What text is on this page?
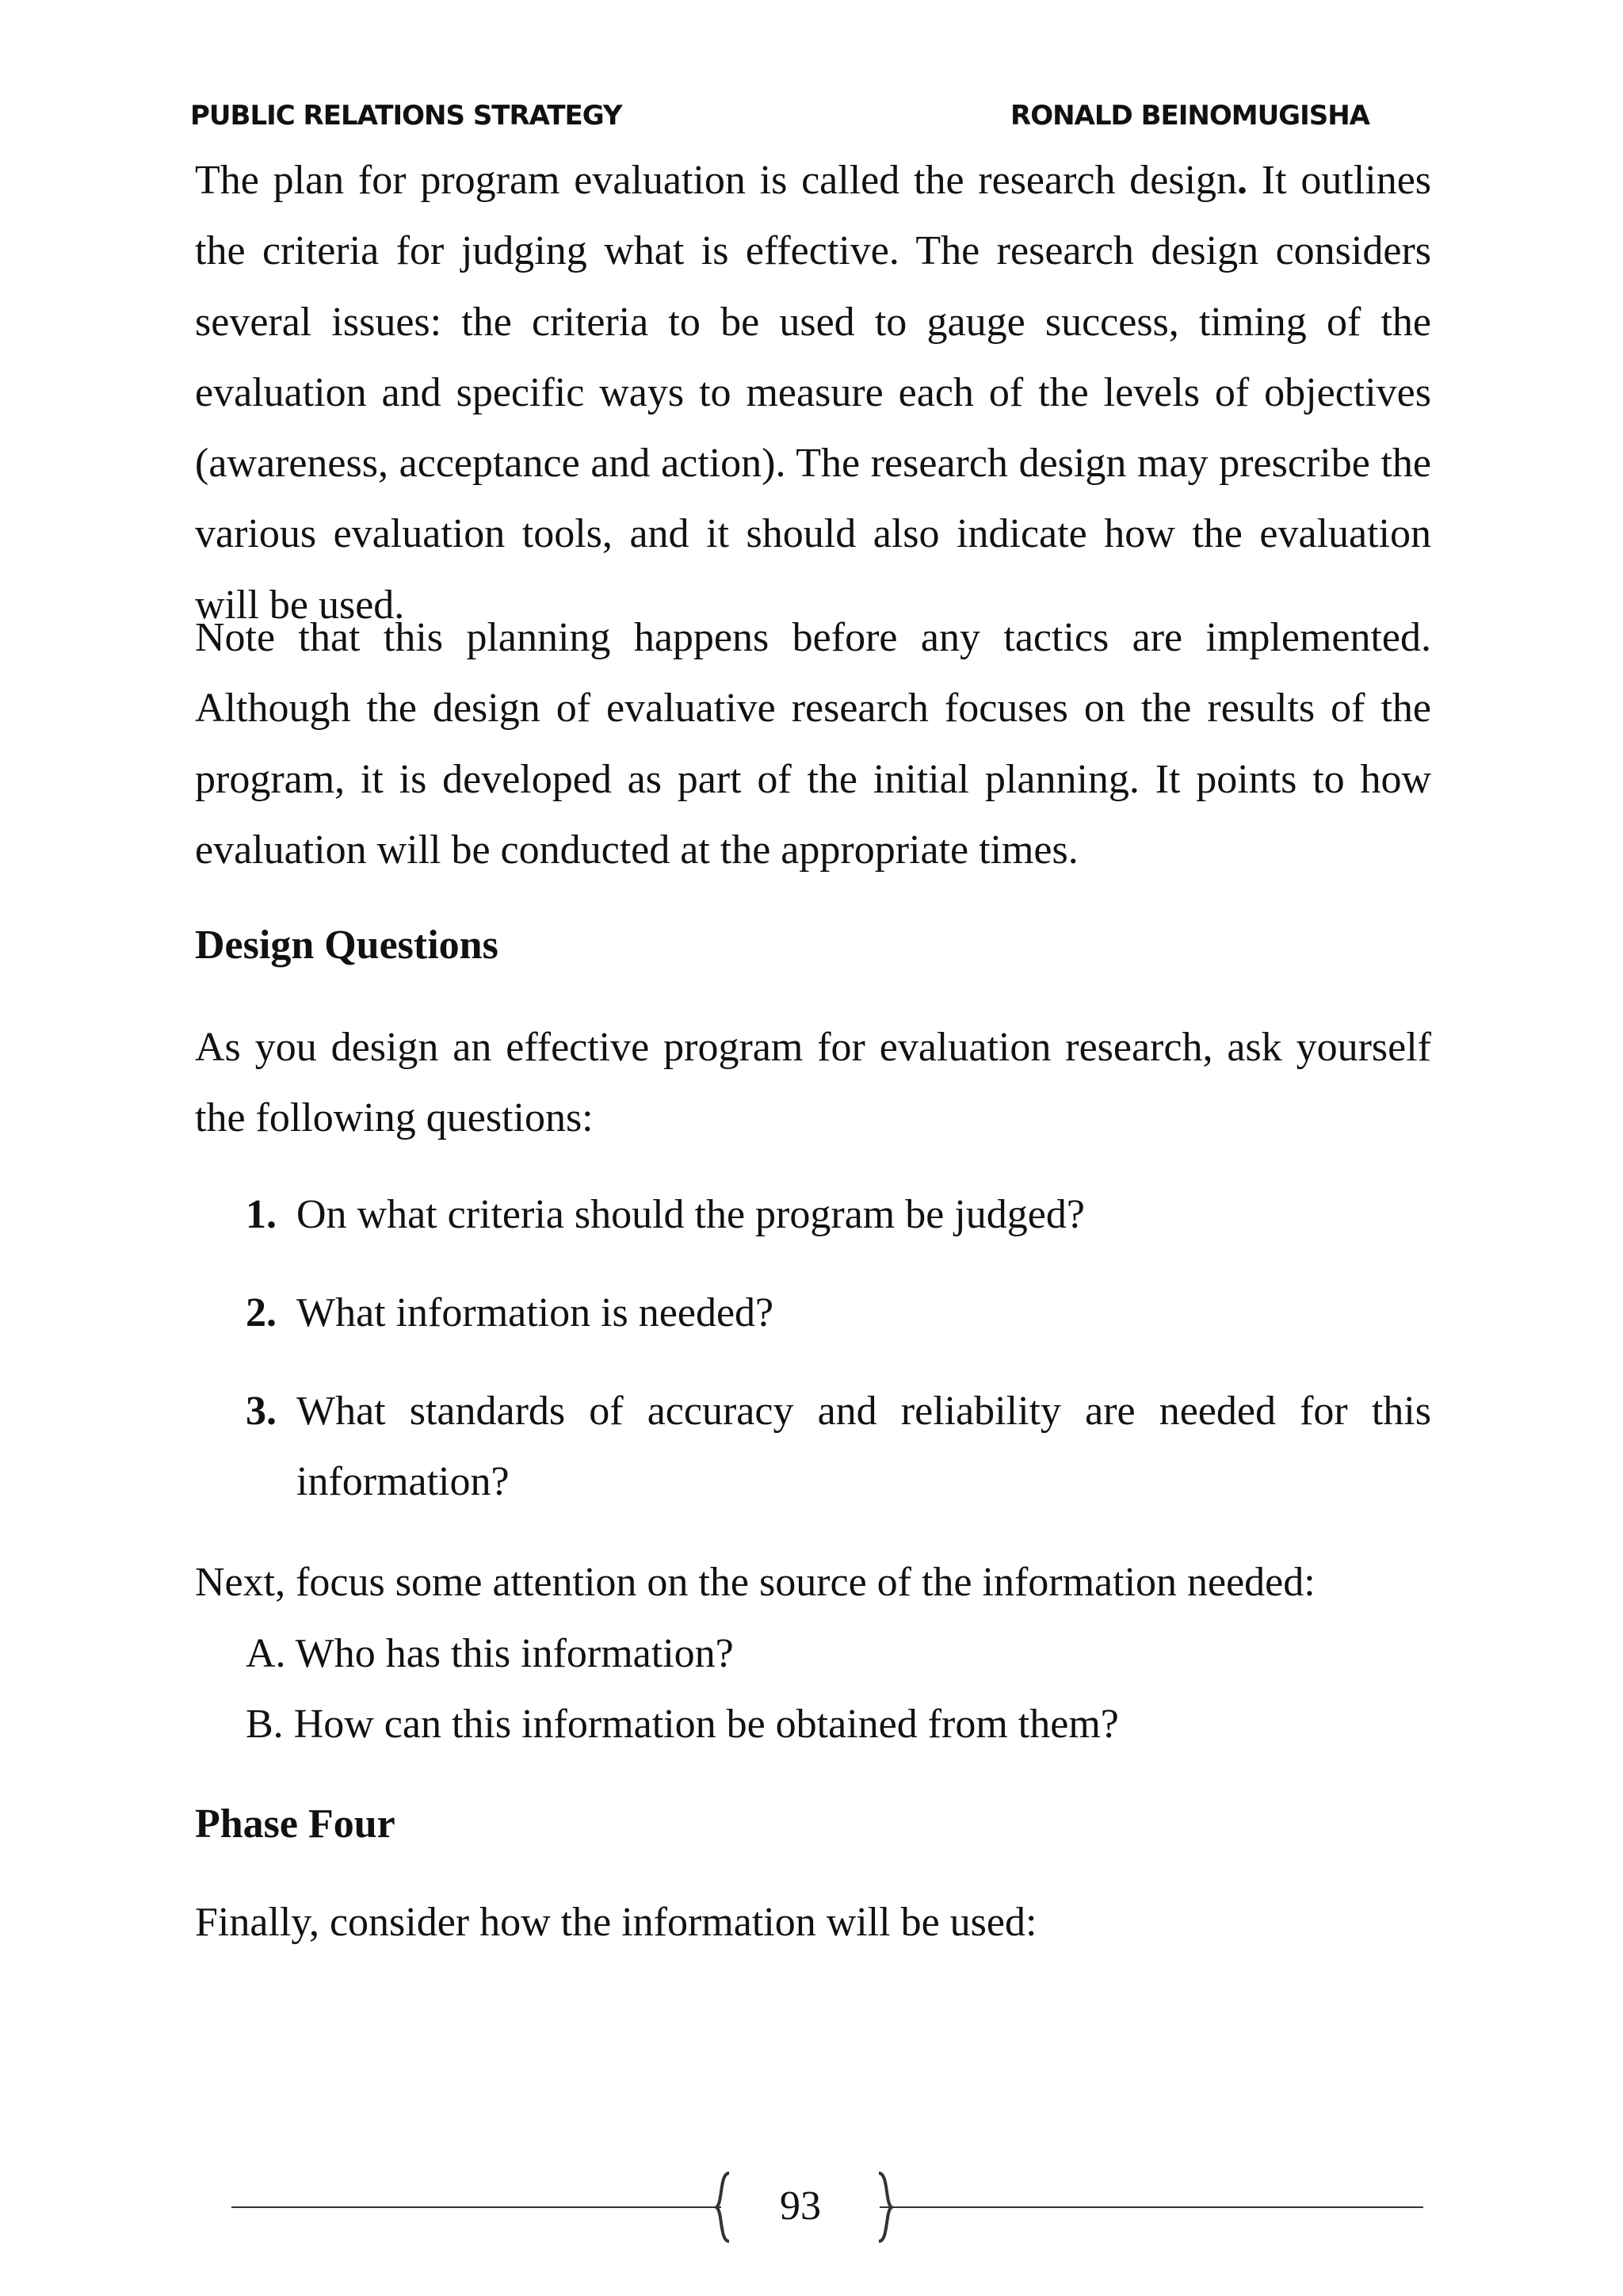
PUBLIC RELATIONS STRATEGY	RONALD BEINOMUGISHA

The plan for program evaluation is called the research design. It outlines the criteria for judging what is effective. The research design considers several issues: the criteria to be used to gauge success, timing of the evaluation and specific ways to measure each of the levels of objectives (awareness, acceptance and action). The research design may prescribe the various evaluation tools, and it should also indicate how the evaluation will be used.

Note that this planning happens before any tactics are implemented. Although the design of evaluative research focuses on the results of the program, it is developed as part of the initial planning. It points to how evaluation will be conducted at the appropriate times.

Design Questions

As you design an effective program for evaluation research, ask yourself the following questions:

1. On what criteria should the program be judged?
2. What information is needed?
3. What standards of accuracy and reliability are needed for this information?

Next, focus some attention on the source of the information needed:

A. Who has this information?
B. How can this information be obtained from them?
Phase Four

Finally, consider how the information will be used:

93
